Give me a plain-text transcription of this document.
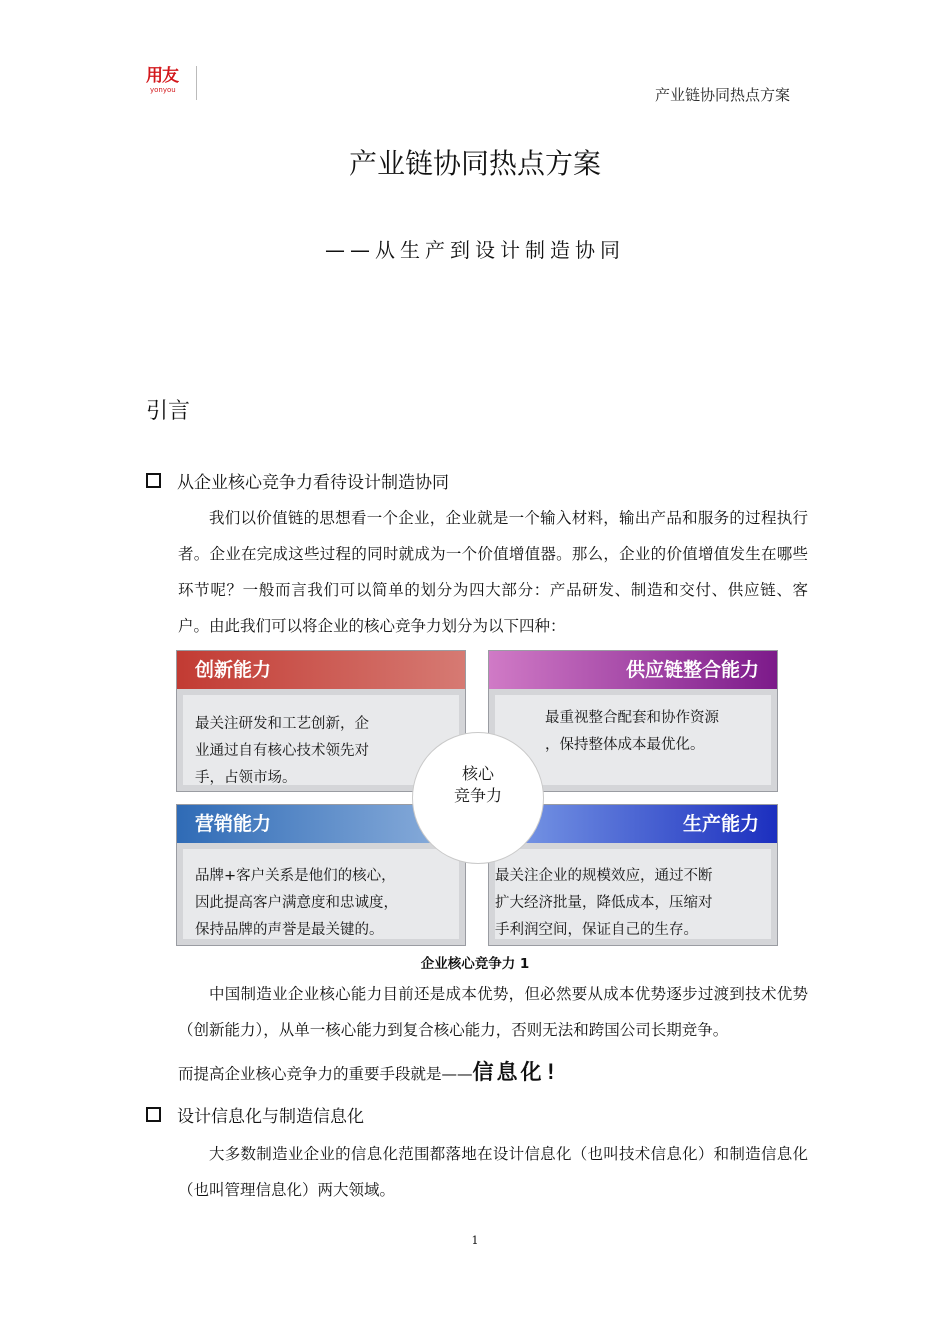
用友
yonyou	产业链协同热点方案
产业链协同热点方案
——从生产到设计制造协同
引言
从企业核心竞争力看待设计制造协同
我们以价值链的思想看一个企业，企业就是一个输入材料，输出产品和服务的过程执行者。企业在完成这些过程的同时就成为一个价值增值器。那么，企业的价值增值发生在哪些环节呢？一般而言我们可以简单的划分为四大部分：产品研发、制造和交付、供应链、客户。由此我们可以将企业的核心竞争力划分为以下四种：
创新能力
最关注研发和工艺创新，企
业通过自有核心技术领先对
手，占领市场。
供应链整合能力
最重视整合配套和协作资源
，保持整体成本最优化。
营销能力
品牌+客户关系是他们的核心，
因此提高客户满意度和忠诚度，
保持品牌的声誉是最关键的。
生产能力
最关注企业的规模效应，通过不断
扩大经济批量，降低成本，压缩对
手利润空间，保证自己的生存。
核心
竞争力
企业核心竞争力 1
中国制造业企业核心能力目前还是成本优势，但必然要从成本优势逐步过渡到技术优势（创新能力），从单一核心能力到复合核心能力，否则无法和跨国公司长期竞争。
而提高企业核心竞争力的重要手段就是——信息化!
设计信息化与制造信息化
大多数制造业企业的信息化范围都落地在设计信息化（也叫技术信息化）和制造信息化（也叫管理信息化）两大领域。
1
